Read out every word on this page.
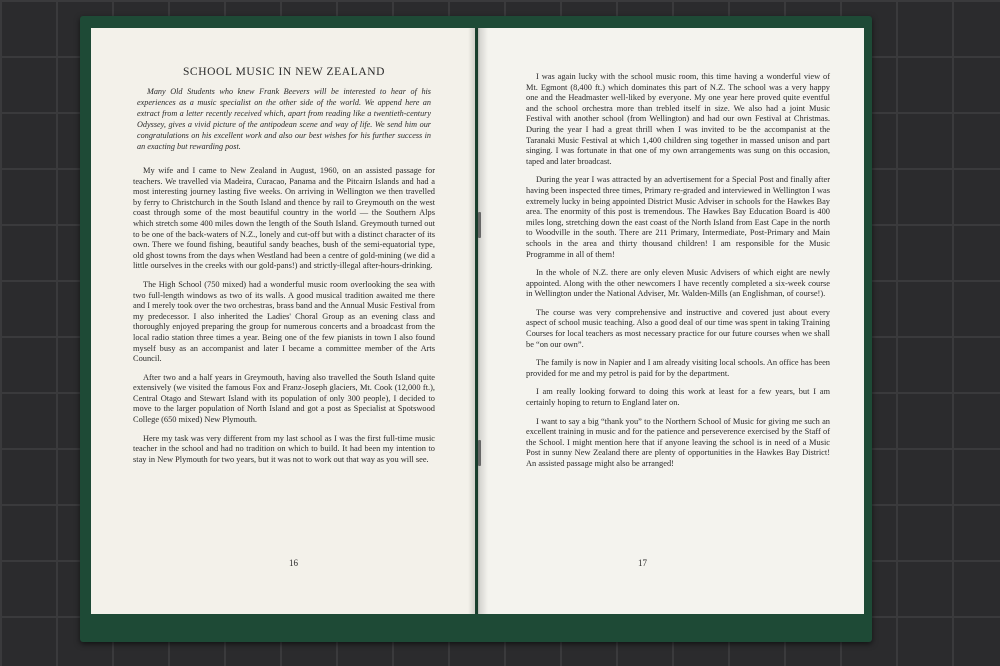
SCHOOL MUSIC IN NEW ZEALAND
Many Old Students who knew Frank Beevers will be interested to hear of his experiences as a music specialist on the other side of the world. We append here an extract from a letter recently received which, apart from reading like a twentieth-century Odyssey, gives a vivid picture of the antipodean scene and way of life. We send him our congratulations on his excellent work and also our best wishes for his further success in an exacting but rewarding post.

My wife and I came to New Zealand in August, 1960, on an assisted passage for teachers. We travelled via Madeira, Curacao, Panama and the Pitcairn Islands and had a most interesting journey lasting five weeks. On arriving in Wellington we then travelled by ferry to Christchurch in the South Island and thence by rail to Greymouth on the west coast through some of the most beautiful country in the world — the Southern Alps which stretch some 400 miles down the length of the South Island. Greymouth turned out to be one of the back-waters of N.Z., lonely and cut-off but with a distinct character of its own. There we found fishing, beautiful sandy beaches, bush of the semi-equatorial type, old ghost towns from the days when Westland had been a centre of gold-mining (we did a little ourselves in the creeks with our gold-pans!) and strictly-illegal after-hours-drinking.

The High School (750 mixed) had a wonderful music room overlooking the sea with two full-length windows as two of its walls. A good musical tradition awaited me there and I merely took over the two orchestras, brass band and the Annual Music Festival from my predecessor. I also inherited the Ladies' Choral Group as an evening class and thoroughly enjoyed preparing the group for numerous concerts and a broadcast from the local radio station three times a year. Being one of the few pianists in town I also found myself busy as an accompanist and later I became a committee member of the Arts Council.

After two and a half years in Greymouth, having also travelled the South Island quite extensively (we visited the famous Fox and Franz-Joseph glaciers, Mt. Cook (12,000 ft.), Central Otago and Stewart Island with its population of only 300 people), I decided to move to the larger population of North Island and got a post as Specialist at Spotswood College (650 mixed) New Plymouth.

Here my task was very different from my last school as I was the first full-time music teacher in the school and had no tradition on which to build. It had been my intention to stay in New Plymouth for two years, but it was not to work out that way as you will see.

16

I was again lucky with the school music room, this time having a wonderful view of Mt. Egmont (8,400 ft.) which dominates this part of N.Z. The school was a very happy one and the Headmaster well-liked by everyone. My one year here proved quite eventful and the school orchestra more than trebled itself in size. We also had a joint Music Festival with another school (from Wellington) and had our own Festival at Christmas. During the year I had a great thrill when I was invited to be the accompanist at the Taranaki Music Festival at which 1,400 children sing together in massed unison and part singing. I was fortunate in that one of my own arrangements was sung on this occasion, taped and later broadcast.

During the year I was attracted by an advertisement for a Special Post and finally after having been inspected three times, Primary re-graded and interviewed in Wellington I was extremely lucky in being appointed District Music Adviser in schools for the Hawkes Bay area. The enormity of this post is tremendous. The Hawkes Bay Education Board is 400 miles long, stretching down the east coast of the North Island from East Cape in the north to Woodville in the south. There are 211 Primary, Intermediate, Post-Primary and Main schools in the area and thirty thousand children! I am responsible for the Music Programme in all of them!

In the whole of N.Z. there are only eleven Music Advisers of which eight are newly appointed. Along with the other newcomers I have recently completed a six-week course in Wellington under the National Adviser, Mr. Walden-Mills (an Englishman, of course!).

The course was very comprehensive and instructive and covered just about every aspect of school music teaching. Also a good deal of our time was spent in taking Training Courses for local teachers as most necessary practice for our future courses when we shall be “on our own”.

The family is now in Napier and I am already visiting local schools. An office has been provided for me and my petrol is paid for by the department.

I am really looking forward to doing this work at least for a few years, but I am certainly hoping to return to England later on.

I want to say a big “thank you” to the Northern School of Music for giving me such an excellent training in music and for the patience and perseverence exercised by the Staff of the School. I might mention here that if anyone leaving the school is in need of a Music Post in sunny New Zealand there are plenty of opportunities in the Hawkes Bay District! An assisted passage might also be arranged!

17
